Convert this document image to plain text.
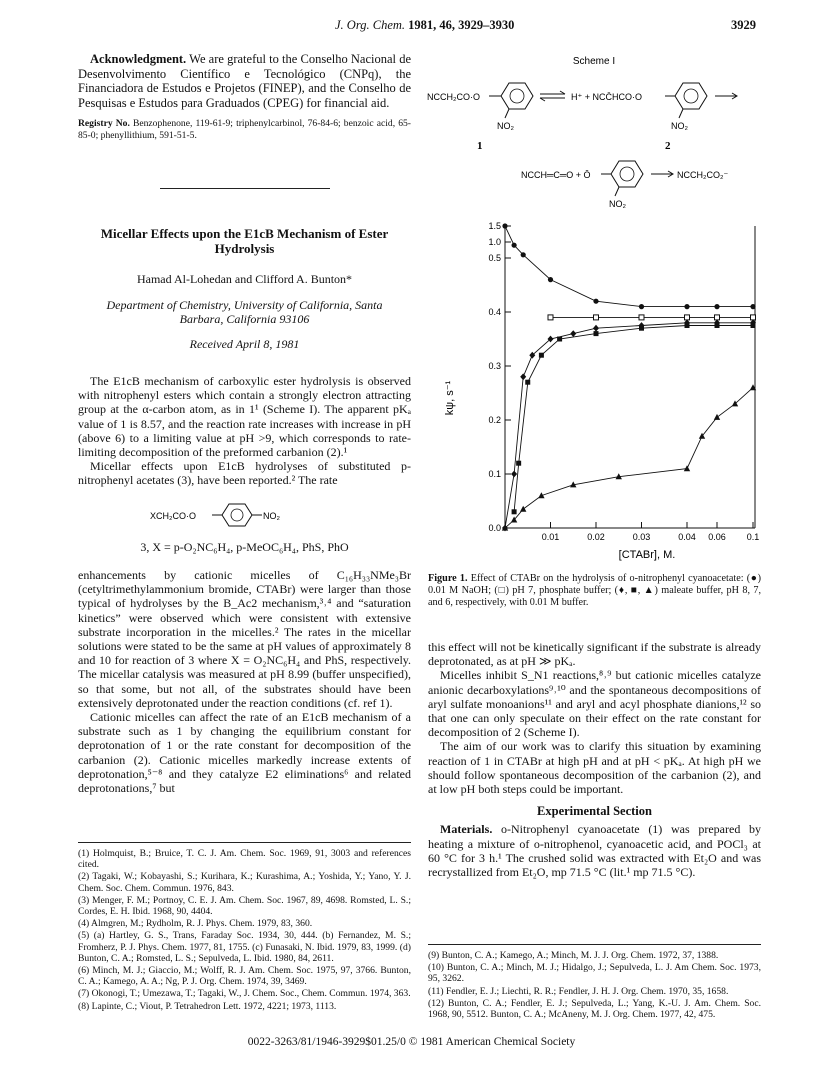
J. Org. Chem. 1981, 46, 3929–3930	3929

Acknowledgment. We are grateful to the Conselho Nacional de Desenvolvimento Científico e Tecnológico (CNPq), the Financiadora de Estudos e Projetos (FINEP), and the Conselho de Pesquisas e Estudos para Graduados (CPEG) for financial aid.

Registry No. Benzophenone, 119-61-9; triphenylcarbinol, 76-84-6; benzoic acid, 65-85-0; phenyllithium, 591-51-5.

Micellar Effects upon the E1cB Mechanism of Ester Hydrolysis

Hamad Al-Lohedan and Clifford A. Bunton*

Department of Chemistry, University of California, Santa Barbara, California 93106

Received April 8, 1981

The E1cB mechanism of carboxylic ester hydrolysis is observed with nitrophenyl esters which contain a strongly electron attracting group at the α-carbon atom, as in 1¹ (Scheme I). The apparent pKₐ value of 1 is 8.57, and the reaction rate increases with increase in pH (above 6) to a limiting value at pH >9, which corresponds to rate-limiting decomposition of the preformed carbanion (2).¹

Micellar effects upon E1cB hydrolyses of substituted p-nitrophenyl acetates (3), have been reported.² The rate

XCH₂CO·O	NO₂

3, X = p-O₂NC₆H₄, p-MeOC₆H₄, PhS, PhO

enhancements by cationic micelles of C₁₆H₃₃NMe₃Br (cetyltrimethylammonium bromide, CTABr) were larger than those typical of hydrolyses by the B_Ac2 mechanism,³˒⁴ and “saturation kinetics” were observed which were consistent with extensive substrate incorporation in the micelles.² The rates in the micellar solutions were stated to be the same at pH values of approximately 8 and 10 for reaction of 3 where X = O₂NC₆H₄ and PhS, respectively. The micellar catalysis was measured at pH 8.99 (buffer unspecified), so that some, but not all, of the substrates should have been extensively deprotonated under the reaction conditions (cf. ref 1).

Cationic micelles can affect the rate of an E1cB mechanism of a substrate such as 1 by changing the equilibrium constant for deprotonation of 1 or the rate constant for decomposition of the carbanion (2). Cationic micelles markedly increase extents of deprotonation,⁵⁻⁸ and they catalyze E2 eliminations⁶ and related deprotonations,⁷ but

(1) Holmquist, B.; Bruice, T. C. J. Am. Chem. Soc. 1969, 91, 3003 and references cited.

(2) Tagaki, W.; Kobayashi, S.; Kurihara, K.; Kurashima, A.; Yoshida, Y.; Yano, Y. J. Chem. Soc. Chem. Commun. 1976, 843.

(3) Menger, F. M.; Portnoy, C. E. J. Am. Chem. Soc. 1967, 89, 4698. Romsted, L. S.; Cordes, E. H. Ibid. 1968, 90, 4404.

(4) Almgren, M.; Rydholm, R. J. Phys. Chem. 1979, 83, 360.

(5) (a) Hartley, G. S., Trans, Faraday Soc. 1934, 30, 444. (b) Fernandez, M. S.; Fromherz, P. J. Phys. Chem. 1977, 81, 1755. (c) Funasaki, N. Ibid. 1979, 83, 1999. (d) Bunton, C. A.; Romsted, L. S.; Sepulveda, L. Ibid. 1980, 84, 2611.

(6) Minch, M. J.; Giaccio, M.; Wolff, R. J. Am. Chem. Soc. 1975, 97, 3766. Bunton, C. A.; Kamego, A. A.; Ng, P. J. Org. Chem. 1974, 39, 3469.

(7) Okonogi, T.; Umezawa, T.; Tagaki, W., J. Chem. Soc., Chem. Commun. 1974, 363.

(8) Lapinte, C.; Viout, P. Tetrahedron Lett. 1972, 4221; 1973, 1113.

Scheme I
NCCH₂CO·O
NO₂
H⁺ + NCC̄HCO·O
NO₂
1	2
NCCH═C═O + Ō
NO₂
NCCH₂CO₂⁻
0.0
0.1
0.2
0.3
0.4
0.5
1.0
1.5
0.01	0.02	0.03	0.04 0.06 0.1
[CTABr], M.
kψ, s⁻¹

Figure 1. Effect of CTABr on the hydrolysis of o-nitrophenyl cyanoacetate: (●) 0.01 M NaOH; (□) pH 7, phosphate buffer; (♦, ■, ▲) maleate buffer, pH 8, 7, and 6, respectively, with 0.01 M buffer.

this effect will not be kinetically significant if the substrate is already deprotonated, as at pH ≫ pKₐ.

Micelles inhibit S_N1 reactions,⁸˒⁹ but cationic micelles catalyze anionic decarboxylations⁹˒¹⁰ and the spontaneous decompositions of aryl sulfate monoanions¹¹ and aryl and acyl phosphate dianions,¹² so that one can only speculate on their effect on the rate constant for decomposition of 2 (Scheme I).

The aim of our work was to clarify this situation by examining reaction of 1 in CTABr at high pH and at pH < pKₐ. At high pH we should follow spontaneous decomposition of the carbanion (2), and at low pH both steps could be important.

Experimental Section

Materials. o-Nitrophenyl cyanoacetate (1) was prepared by heating a mixture of o-nitrophenol, cyanoacetic acid, and POCl₃ at 60 °C for 3 h.¹ The crushed solid was extracted with Et₂O and was recrystallized from Et₂O, mp 71.5 °C (lit.¹ mp 71.5 °C).

(9) Bunton, C. A.; Kamego, A.; Minch, M. J. J. Org. Chem. 1972, 37, 1388.

(10) Bunton, C. A.; Minch, M. J.; Hidalgo, J.; Sepulveda, L. J. Am Chem. Soc. 1973, 95, 3262.

(11) Fendler, E. J.; Liechti, R. R.; Fendler, J. H. J. Org. Chem. 1970, 35, 1658.

(12) Bunton, C. A.; Fendler, E. J.; Sepulveda, L.; Yang, K.-U. J. Am. Chem. Soc. 1968, 90, 5512. Bunton, C. A.; McAneny, M. J. Org. Chem. 1977, 42, 475.

0022-3263/81/1946-3929$01.25/0 © 1981 American Chemical Society
